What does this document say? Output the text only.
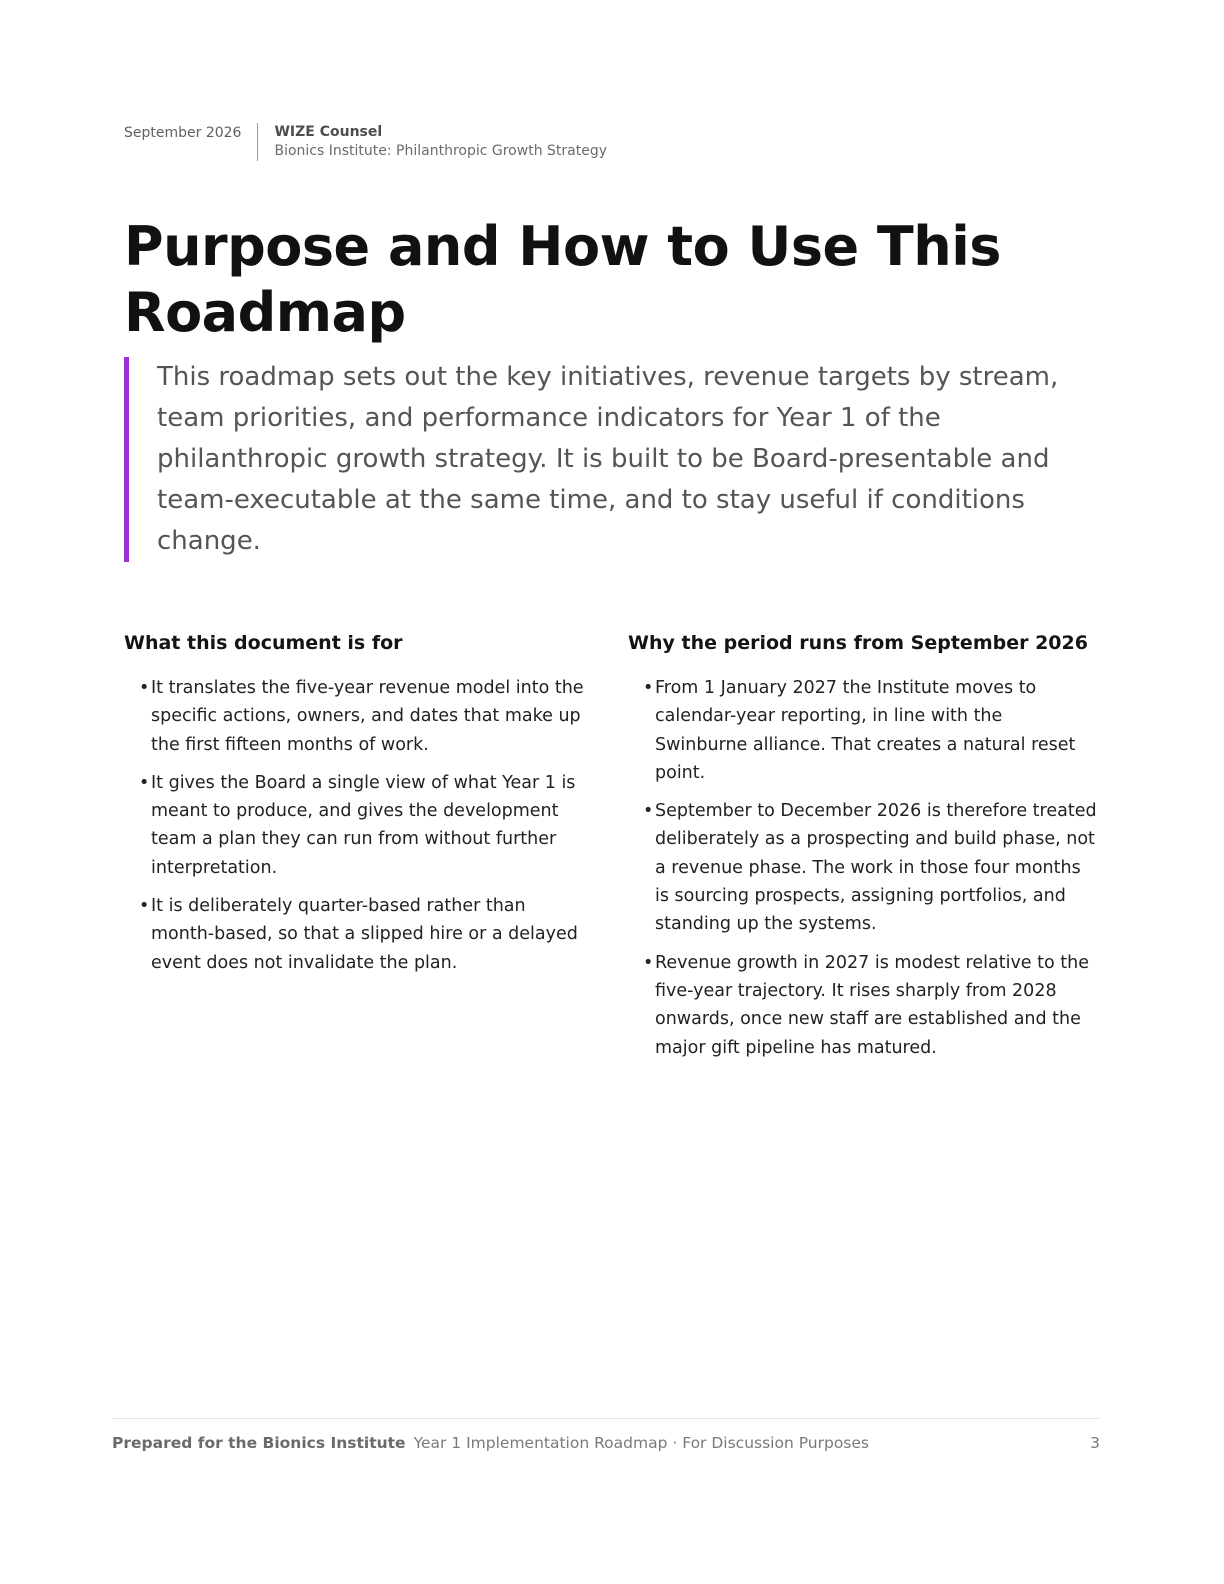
September 2026	WIZE Counsel
Bionics Institute: Philanthropic Growth Strategy
Purpose and How to Use This Roadmap

This roadmap sets out the key initiatives, revenue targets by stream, team priorities, and performance indicators for Year 1 of the philanthropic growth strategy. It is built to be Board-presentable and team-executable at the same time, and to stay useful if conditions change.

What this document is for
• It translates the five-year revenue model into the specific actions, owners, and dates that make up the first fifteen months of work.
• It gives the Board a single view of what Year 1 is meant to produce, and gives the development team a plan they can run from without further interpretation.
• It is deliberately quarter-based rather than month-based, so that a slipped hire or a delayed event does not invalidate the plan.
Why the period runs from September 2026
• From 1 January 2027 the Institute moves to calendar-year reporting, in line with the Swinburne alliance. That creates a natural reset point.
• September to December 2026 is therefore treated deliberately as a prospecting and build phase, not a revenue phase. The work in those four months is sourcing prospects, assigning portfolios, and standing up the systems.
• Revenue growth in 2027 is modest relative to the five-year trajectory. It rises sharply from 2028 onwards, once new staff are established and the major gift pipeline has matured.
Prepared for the Bionics Institute Year 1 Implementation Roadmap · For Discussion Purposes	3
